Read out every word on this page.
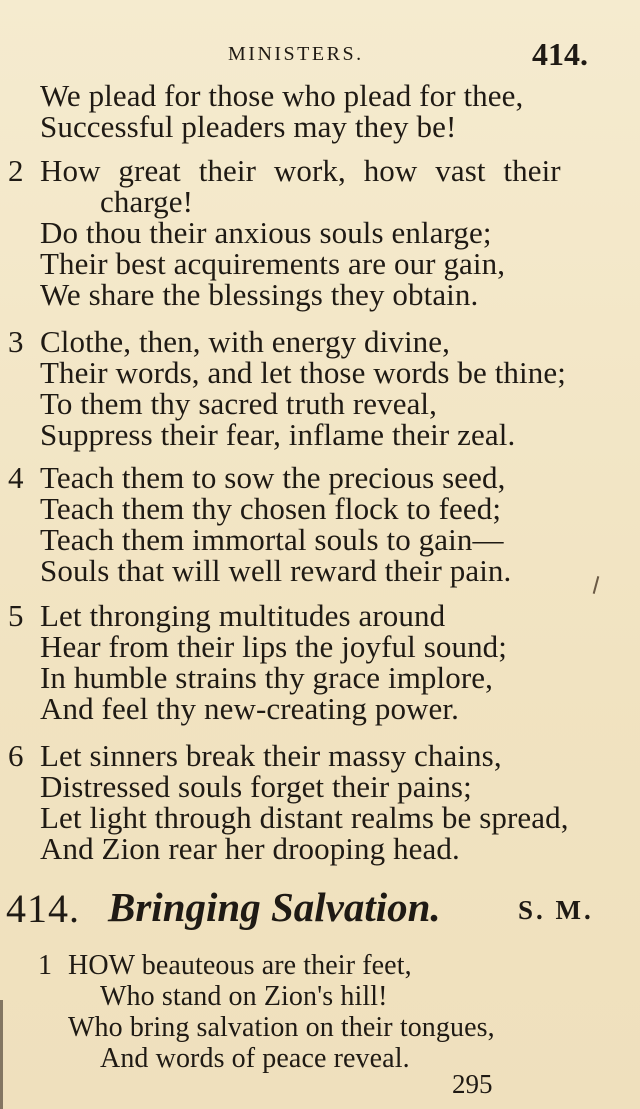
MINISTERS.	414.
We plead for those who plead for thee,
Successful pleaders may they be!
2 How great their work, how vast their
charge!
Do thou their anxious souls enlarge;
Their best acquirements are our gain,
We share the blessings they obtain.
3 Clothe, then, with energy divine,
Their words, and let those words be thine;
To them thy sacred truth reveal,
Suppress their fear, inflame their zeal.
4 Teach them to sow the precious seed,
Teach them thy chosen flock to feed;
Teach them immortal souls to gain—
Souls that will well reward their pain.
5 Let thronging multitudes around
Hear from their lips the joyful sound;
In humble strains thy grace implore,
And feel thy new-creating power.
6 Let sinners break their massy chains,
Distressed souls forget their pains;
Let light through distant realms be spread,
And Zion rear her drooping head.
414. Bringing Salvation.	S. M.
1 HOW beauteous are their feet,
Who stand on Zion's hill!
Who bring salvation on their tongues,
And words of peace reveal.
295
